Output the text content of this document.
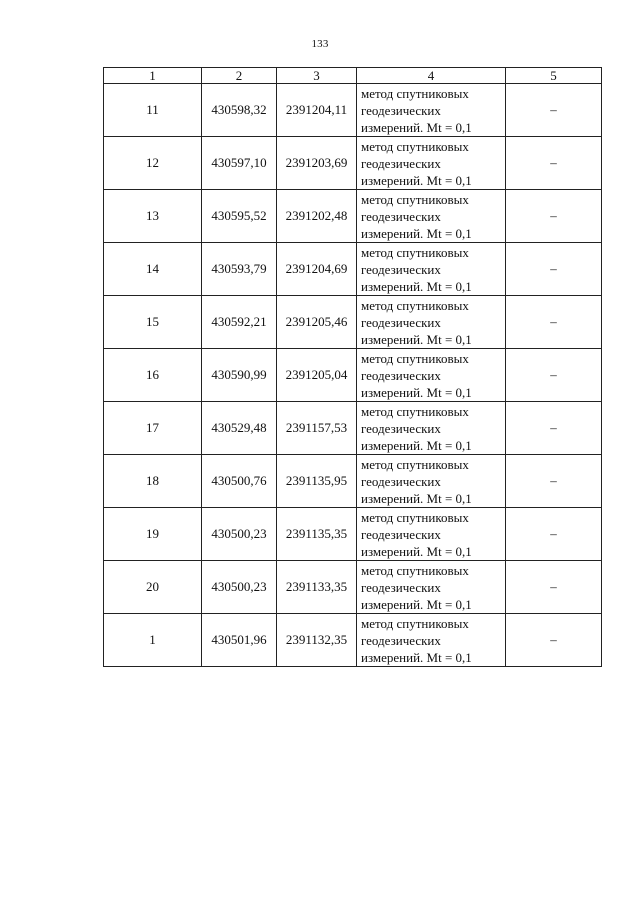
133
1	2	3	4	5
11	430598,32	2391204,11	метод спутниковых
геодезических
измерений. Mt = 0,1	–
12	430597,10	2391203,69	метод спутниковых
геодезических
измерений. Mt = 0,1	–
13	430595,52	2391202,48	метод спутниковых
геодезических
измерений. Mt = 0,1	–
14	430593,79	2391204,69	метод спутниковых
геодезических
измерений. Mt = 0,1	–
15	430592,21	2391205,46	метод спутниковых
геодезических
измерений. Mt = 0,1	–
16	430590,99	2391205,04	метод спутниковых
геодезических
измерений. Mt = 0,1	–
17	430529,48	2391157,53	метод спутниковых
геодезических
измерений. Mt = 0,1	–
18	430500,76	2391135,95	метод спутниковых
геодезических
измерений. Mt = 0,1	–
19	430500,23	2391135,35	метод спутниковых
геодезических
измерений. Mt = 0,1	–
20	430500,23	2391133,35	метод спутниковых
геодезических
измерений. Mt = 0,1	–
1	430501,96	2391132,35	метод спутниковых
геодезических
измерений. Mt = 0,1	–
